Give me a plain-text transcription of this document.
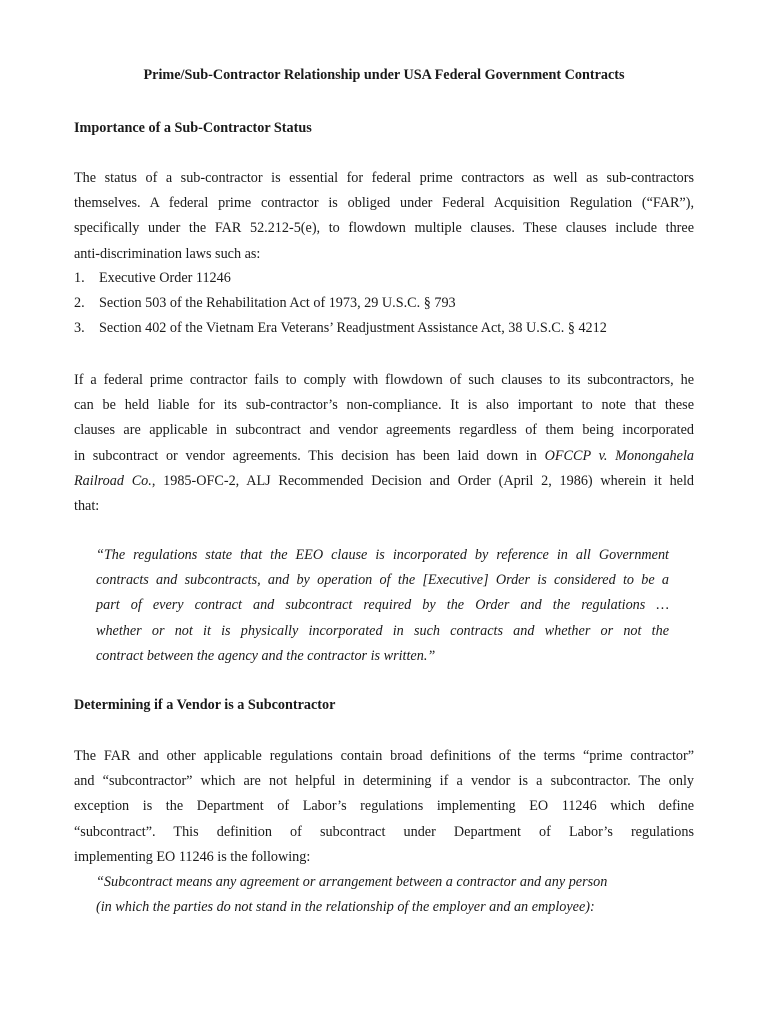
Prime/Sub-Contractor Relationship under USA Federal Government Contracts
Importance of a Sub-Contractor Status

The status of a sub-contractor is essential for federal prime contractors as well as sub-contractors
themselves. A federal prime contractor is obliged under Federal Acquisition Regulation (“FAR”),
specifically under the FAR 52.212-5(e), to flowdown multiple clauses. These clauses include three
anti-discrimination laws such as:

1.	Executive Order 11246
2.	Section 503 of the Rehabilitation Act of 1973, 29 U.S.C. § 793
3.	Section 402 of the Vietnam Era Veterans’ Readjustment Assistance Act, 38 U.S.C. § 4212

If a federal prime contractor fails to comply with flowdown of such clauses to its subcontractors, he
can be held liable for its sub-contractor’s non-compliance. It is also important to note that these
clauses are applicable in subcontract and vendor agreements regardless of them being incorporated
in subcontract or vendor agreements. This decision has been laid down in OFCCP v. Monongahela
Railroad Co., 1985-OFC-2, ALJ Recommended Decision and Order (April 2, 1986) wherein it held
that:

“The regulations state that the EEO clause is incorporated by reference in all Government
contracts and subcontracts, and by operation of the [Executive] Order is considered to be a
part of every contract and subcontract required by the Order and the regulations …
whether or not it is physically incorporated in such contracts and whether or not the
contract between the agency and the contractor is written.”

Determining if a Vendor is a Subcontractor

The FAR and other applicable regulations contain broad definitions of the terms “prime contractor”
and “subcontractor” which are not helpful in determining if a vendor is a subcontractor. The only
exception is the Department of Labor’s regulations implementing EO 11246 which define
“subcontract”. This definition of subcontract under Department of Labor’s regulations
implementing EO 11246 is the following:

“Subcontract means any agreement or arrangement between a contractor and any person
(in which the parties do not stand in the relationship of the employer and an employee):
